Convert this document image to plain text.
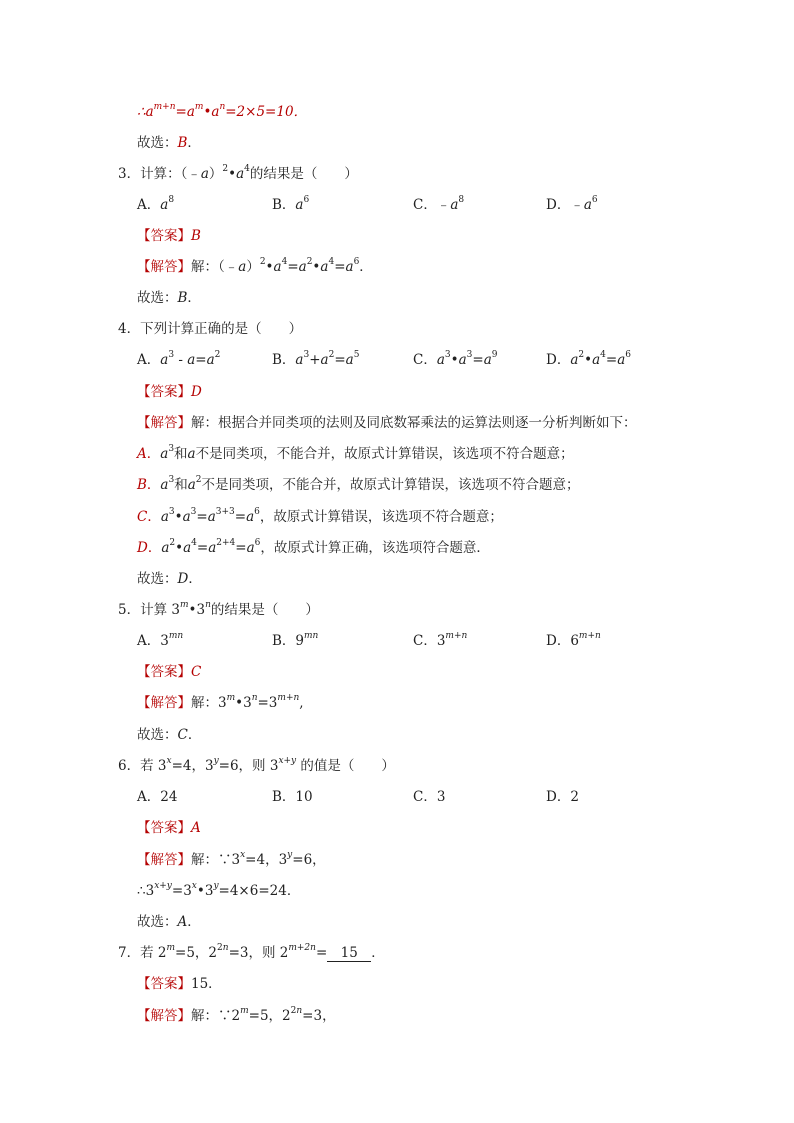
$\therefore a^{m+n}=a^m•a^n=2\times 5=10$．
故选：B．
3．计算：$(﹣a)^2•a^4$的结果是（　　）
A．$a^8$	B．$a^6$	C．$﹣a^8$	D．$﹣a^6$
【答案】B
【解答】解：$(﹣a)^2•a^4=a^2•a^4=a^6$．
故选：B．
4．下列计算正确的是（　　）
A．$a^3 - a=a^2$	B．$a^3+a^2=a^5$	C．$a^3•a^3=a^9$	D．$a^2•a^4=a^6$
【答案】D
【解答】解：根据合并同类项的法则及同底数幂乘法的运算法则逐一分析判断如下：
A．$a^3$和a不是同类项，不能合并，故原式计算错误，该选项不符合题意；
B．$a^3$和$a^2$不是同类项，不能合并，故原式计算错误，该选项不符合题意；
C．$a^3•a^3=a^{3+3}=a^6$，故原式计算错误，该选项不符合题意；
D．$a^2•a^4=a^{2+4}=a^6$，故原式计算正确，该选项符合题意．
故选：D．
5．计算 3$^m$•3$^n$的结果是（　　）
A．$3^{mn}$	B．$9^{mn}$	C．$3^{m+n}$	D．$6^{m+n}$
【答案】C
【解答】解：$3^m•3^n=3^{m+n}$,
故选：C．
6．若 $3^x=4$，$3^y=6$，则 $3^{x+y}$ 的值是（　　）
A．24	B．10	C．3	D．2
【答案】A
【解答】解：$\because 3^x=4$，$3^y=6$，
$\therefore 3^{x+y}=3^x•3^y=4\times 6=24$．
故选：A．
7．若 $2^m=5$，$2^{2n}=3$，则 $2^{m+2n}= 15$ ．
【答案】15．
【解答】解：$\because 2^m=5$，$2^{2n}=3$，
